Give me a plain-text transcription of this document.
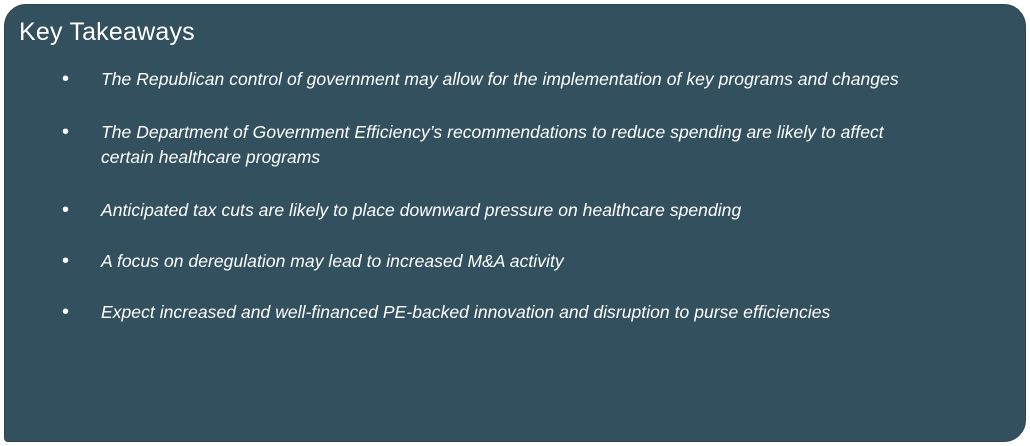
Key Takeaways
• The Republican control of government may allow for the implementation of key programs and changes
• The Department of Government Efficiency’s recommendations to reduce spending are likely to affect certain healthcare programs
• Anticipated tax cuts are likely to place downward pressure on healthcare spending
• A focus on deregulation may lead to increased M&A activity
• Expect increased and well-financed PE-backed innovation and disruption to purse efficiencies
